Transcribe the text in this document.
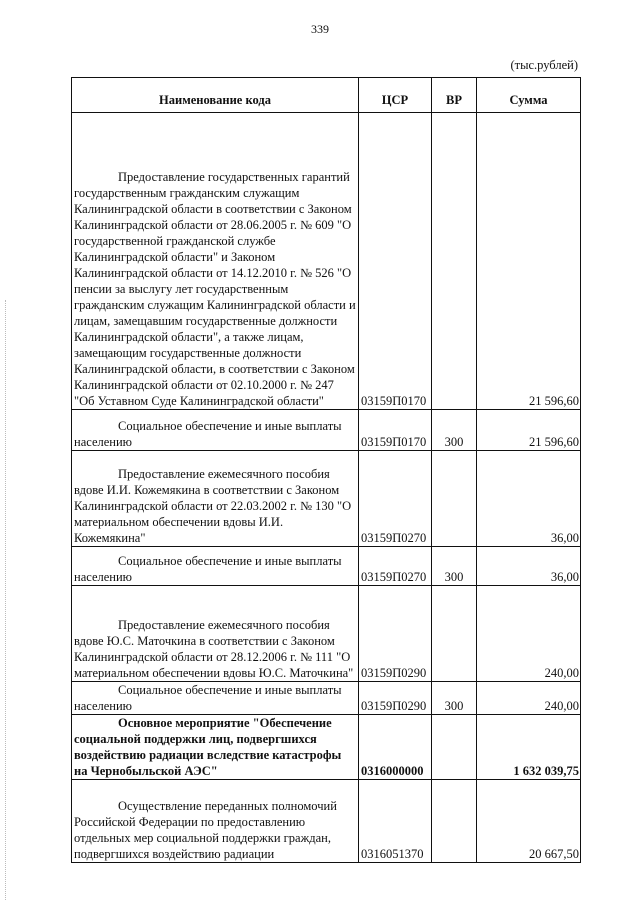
339
(тыс.рублей)
Наименование кода	ЦСР	ВР	Сумма

Предоставление государственных гарантий государственным гражданским служащим Калининградской области в соответствии с Законом Калининградской области от 28.06.2005 г. № 609 "О государственной гражданской службе Калининградской области" и Законом Калининградской области от 14.12.2010 г. № 526 "О пенсии за выслугу лет государственным гражданским служащим Калининградской области и лицам, замещавшим государственные должности Калининградской области", а также лицам, замещающим государственные должности Калининградской области, в соответствии с Законом Калининградской области от 02.10.2000 г. № 247 "Об Уставном Суде Калининградской области"	03159П0170		21 596,60

Социальное обеспечение и иные выплаты населению	03159П0170	300	21 596,60

Предоставление ежемесячного пособия вдове И.И. Кожемякина в соответствии с Законом Калининградской области от 22.03.2002 г. № 130 "О материальном обеспечении вдовы И.И. Кожемякина"	03159П0270		36,00

Социальное обеспечение и иные выплаты населению	03159П0270	300	36,00

Предоставление ежемесячного пособия вдове Ю.С. Маточкина в соответствии с Законом Калининградской области от 28.12.2006 г. № 111 "О материальном обеспечении вдовы Ю.С. Маточкина"	03159П0290		240,00

Социальное обеспечение и иные выплаты населению	03159П0290	300	240,00

Основное мероприятие "Обеспечение социальной поддержки лиц, подвергшихся воздействию радиации вследствие катастрофы на Чернобыльской АЭС"	0316000000		1 632 039,75

Осуществление переданных полномочий Российской Федерации по предоставлению отдельных мер социальной поддержки граждан, подвергшихся воздействию радиации	0316051370		20 667,50
